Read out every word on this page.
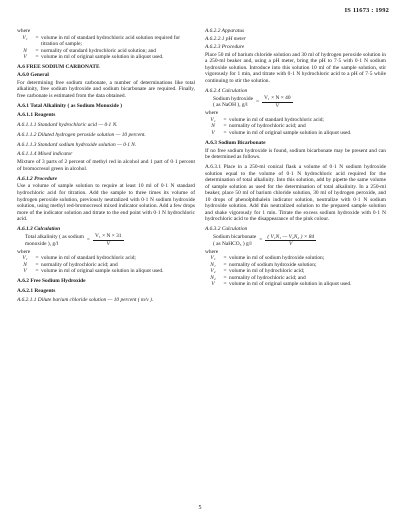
IS 11673 : 1992

where

V₁	=	volume in ml of standard hydrochloric acid solution required for titration of sample;
N	=	normality of standard hydrochloric acid solution; and
V	=	volume in ml of original sample solution in aliquot used.

A.6 FREE SODIUM CARBONATE

A.6.0 General

For determining free sodium carbonate, a number of determinations like total alkalinity, free sodium hydroxide and sodium bicarbonate are required. Finally, free carbonate is estimated from the data obtained.

A.6.1 Total Alkalinity ( as Sodium Monoxide )

A.6.1.1 Reagents

A.6.1.1.1 Standard hydrochloric acid — 0·1 N.

A.6.1.1.2 Diluted hydrogen peroxide solution — 10 percent.

A.6.1.1.3 Standard sodium hydroxide solution — 0·1 N.

A.6.1.1.4 Mixed indicator

Mixture of 3 parts of 2 percent of methyl red in alcohol and 1 part of 0·1 percent of bromocresol green in alcohol.

A.6.1.2 Procedure

Use a volume of sample solution to require at least 10 ml of 0·1 N standard hydrochloric acid for titration. Add the sample to three times its volume of hydrogen peroxide solution, previously neutralized with 0·1 N sodium hydroxide solution, using methyl red-bromocresol mixed indicator solution. Add a few drops more of the indicator solution and titrate to the end point with 0·1 N hydrochloric acid.

A.6.1.3 Calculation

Total alkalinity ( as sodium
monoxide ), g/l
= $\frac{\text{V₁ × N × 31}}{V}$

where

V₁	=	volume in ml of standard hydrochloric acid;
N	=	normality of hydrochloric acid; and
V	=	volume in ml of original sample solution in aliquot used.

A.6.2 Free Sodium Hydroxide

A.6.2.1 Reagents

A.6.2.1.1 Dilute barium chloride solution — 10 percent ( m/v ).

A.6.2.2 Apparatus

A.6.2.2.1 pH meter

A.6.2.3 Procedure

Place 50 ml of barium chloride solution and 30 ml of hydrogen peroxide solution in a 250-ml beaker and, using a pH meter, bring the pH to 7·5 with 0·1 N sodium hydroxide solution. Introduce into this solution 10 ml of the sample solution, stir vigorously for 1 min, and titrate with 0·1 N hydrochloric acid to a pH of 7·5 while continuing to stir the solution.

A.6.2.4 Calculation

Sodium hydroxide
( as NaOH ), g/l
= $\frac{\text{V₁ × N × 40}}{V}$

where

V₁	=	volume in ml of standard hydrochloric acid;
N	=	normality of hydrochloric acid; and
V	=	volume in ml of original sample solution in aliquot used.

A.6.3 Sodium Bicarbonate

If no free sodium hydroxide is found, sodium bicarbonate may be present and can be determined as follows.

A.6.3.1 Place in a 250-ml conical flask a volume of 0·1 N sodium hydroxide solution equal to the volume of 0·1 N hydrochloric acid required for the determination of total alkalinity. Into this solution, add by pipette the same volume of sample solution as used for the determination of total alkalinity. In a 250-ml beaker, place 50 ml of barium chloride solution, 30 ml of hydrogen peroxide, and 10 drops of phenolphthalein indicator solution, neutralize with 0·1 N sodium hydroxide solution. Add this neutralized solution to the prepared sample solution and shake vigorously for 1 min. Titrate the excess sodium hydroxide with 0·1 N hydrochloric acid to the disappearance of the pink colour.

A.6.3.2 Calculation

Sodium bicarbonate
( as NaHCO₃ ) g/l
= $\frac{\text{( V₁N₁ — V₂N₂ ) × 84}}{V}$

where

V₁	=	volume in ml of sodium hydroxide solution;
N₁	=	normality of sodium hydroxide solution;
V₂	=	volume in ml of hydrochloric acid;
N₂	=	normality of hydrochloric acid; and
V	=	volume in ml of original sample solution in aliquot used.
5
